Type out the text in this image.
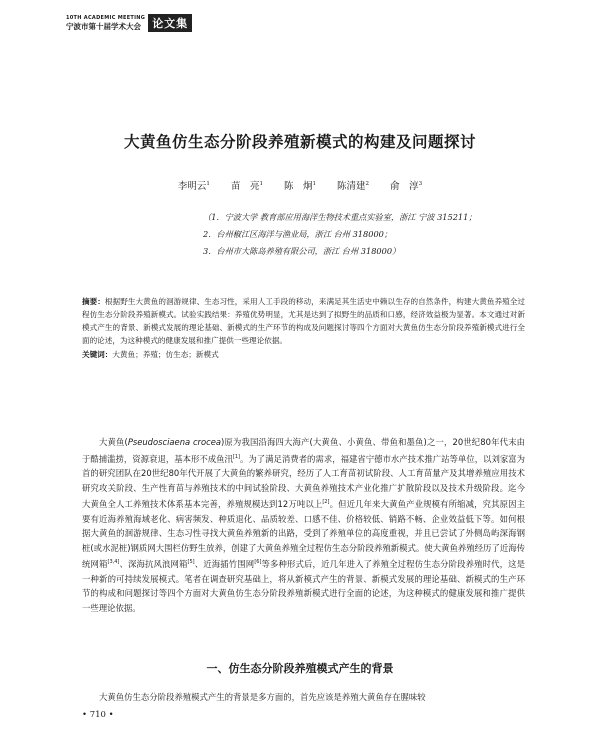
10TH ACADEMIC MEETING
宁波市第十届学术大会	论文集
大黄鱼仿生态分阶段养殖新模式的构建及问题探讨
李明云$^1$ 苗　亮$^1$ 陈　炯$^1$ 陈清建$^2$ 俞　淳$^3$
（1．宁波大学 教育部应用海洋生物技术重点实验室，浙江 宁波 315211；
2．台州椒江区海洋与渔业局，浙江 台州 318000；
3．台州市大陈岛养殖有限公司，浙江 台州 318000）
摘要：根据野生大黄鱼的洄游规律、生态习性，采用人工手段的移动，来满足其生活史中赖以生存的自然条件，构建大黄鱼养殖全过程仿生态分阶段养殖新模式。试验实践结果：养殖优势明显，尤其是达到了拟野生的品质和口感，经济效益极为显著。本文通过对新模式产生的背景、新模式发展的理论基础、新模式的生产环节的构成及问题探讨等四个方面对大黄鱼仿生态分阶段养殖新模式进行全面的论述，为这种模式的健康发展和推广提供一些理论依据。
关键词：大黄鱼；养殖；仿生态；新模式

大黄鱼(Pseudosciaena crocea)原为我国沿海四大海产(大黄鱼、小黄鱼、带鱼和墨鱼)之一，20世纪80年代末由于酷捕滥捞，资源衰退，基本形不成鱼汛[1]。为了满足消费者的需求，福建省宁德市水产技术推广站等单位，以刘家富为首的研究团队在20世纪80年代开展了大黄鱼的繁养研究，经历了人工育苗初试阶段、人工育苗量产及其增养殖应用技术研究攻关阶段、生产性育苗与养殖技术的中间试验阶段、大黄鱼养殖技术产业化推广扩散阶段以及技术升级阶段。迄今大黄鱼全人工养殖技术体系基本完善，养殖规模达到12万吨以上[2]。但近几年来大黄鱼产业规模有所缩减，究其原因主要有近海养殖海域老化、病害频发、种质退化、品质较差、口感不佳、价格较低、销路不畅、企业效益低下等。如何根据大黄鱼的洄游规律、生态习性寻找大黄鱼养殖新的出路，受到了养殖单位的高度重视，并且已尝试了外侧岛屿深海钢桩(或水泥桩)钢质网大围栏仿野生放养，创建了大黄鱼养殖全过程仿生态分阶段养殖新模式。使大黄鱼养殖经历了近海传统网箱[3,4]、深海抗风浪网箱[5]、近海插竹围网[6]等多种形式后，近几年进入了养殖全过程仿生态分阶段养殖时代，这是一种新的可持续发展模式。笔者在调查研究基础上，将从新模式产生的背景、新模式发展的理论基础、新模式的生产环节的构成和问题探讨等四个方面对大黄鱼仿生态分阶段养殖新模式进行全面的论述，为这种模式的健康发展和推广提供一些理论依据。

一、仿生态分阶段养殖模式产生的背景

大黄鱼仿生态分阶段养殖模式产生的背景是多方面的，首先应该是养殖大黄鱼存在腥味较

• 710 •
